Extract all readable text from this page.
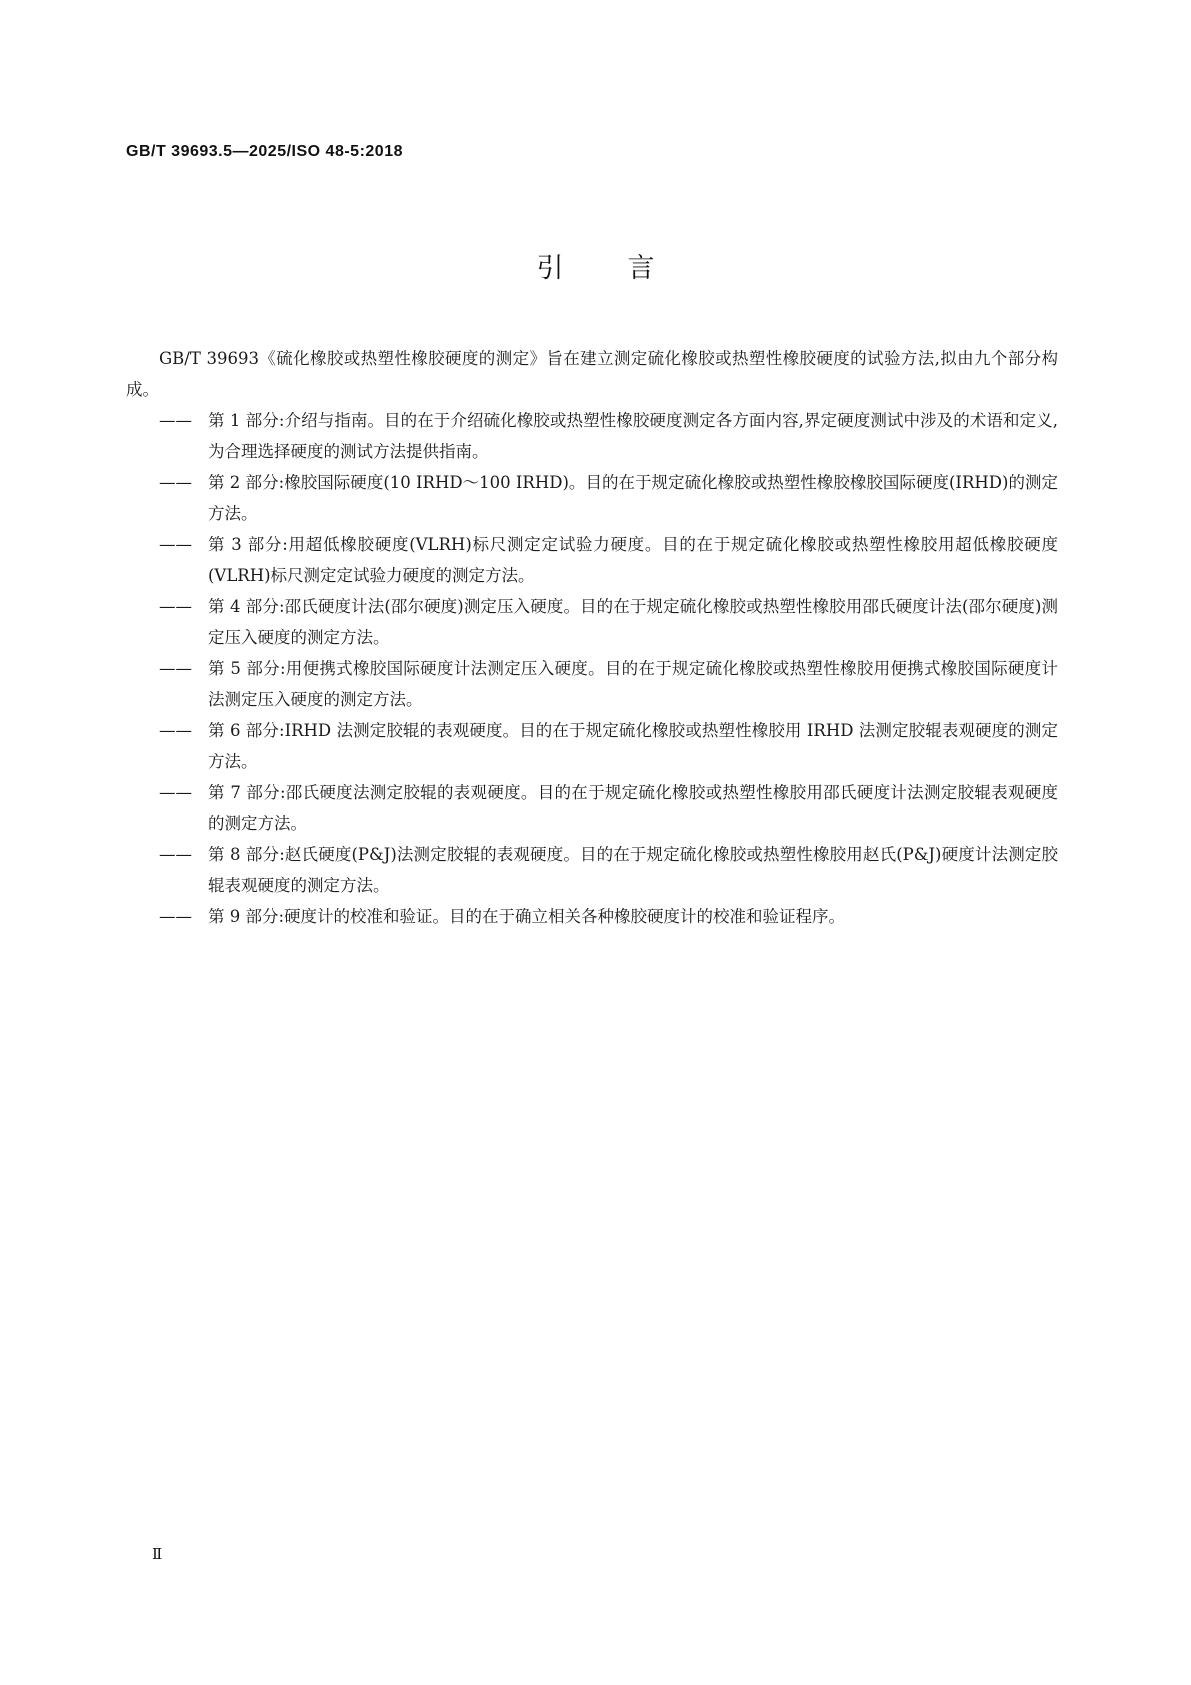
GB/T 39693.5—2025/ISO 48-5:2018
引言

GB/T 39693《硫化橡胶或热塑性橡胶硬度的测定》旨在建立测定硫化橡胶或热塑性橡胶硬度的试验方法,拟由九个部分构成。

—— 第 1 部分:介绍与指南。目的在于介绍硫化橡胶或热塑性橡胶硬度测定各方面内容,界定硬度测试中涉及的术语和定义,为合理选择硬度的测试方法提供指南。
—— 第 2 部分:橡胶国际硬度(10 IRHD～100 IRHD)。目的在于规定硫化橡胶或热塑性橡胶橡胶国际硬度(IRHD)的测定方法。
—— 第 3 部分:用超低橡胶硬度(VLRH)标尺测定定试验力硬度。目的在于规定硫化橡胶或热塑性橡胶用超低橡胶硬度(VLRH)标尺测定定试验力硬度的测定方法。
—— 第 4 部分:邵氏硬度计法(邵尔硬度)测定压入硬度。目的在于规定硫化橡胶或热塑性橡胶用邵氏硬度计法(邵尔硬度)测定压入硬度的测定方法。
—— 第 5 部分:用便携式橡胶国际硬度计法测定压入硬度。目的在于规定硫化橡胶或热塑性橡胶用便携式橡胶国际硬度计法测定压入硬度的测定方法。
—— 第 6 部分:IRHD 法测定胶辊的表观硬度。目的在于规定硫化橡胶或热塑性橡胶用 IRHD 法测定胶辊表观硬度的测定方法。
—— 第 7 部分:邵氏硬度法测定胶辊的表观硬度。目的在于规定硫化橡胶或热塑性橡胶用邵氏硬度计法测定胶辊表观硬度的测定方法。
—— 第 8 部分:赵氏硬度(P&J)法测定胶辊的表观硬度。目的在于规定硫化橡胶或热塑性橡胶用赵氏(P&J)硬度计法测定胶辊表观硬度的测定方法。
—— 第 9 部分:硬度计的校准和验证。目的在于确立相关各种橡胶硬度计的校准和验证程序。
Ⅱ
